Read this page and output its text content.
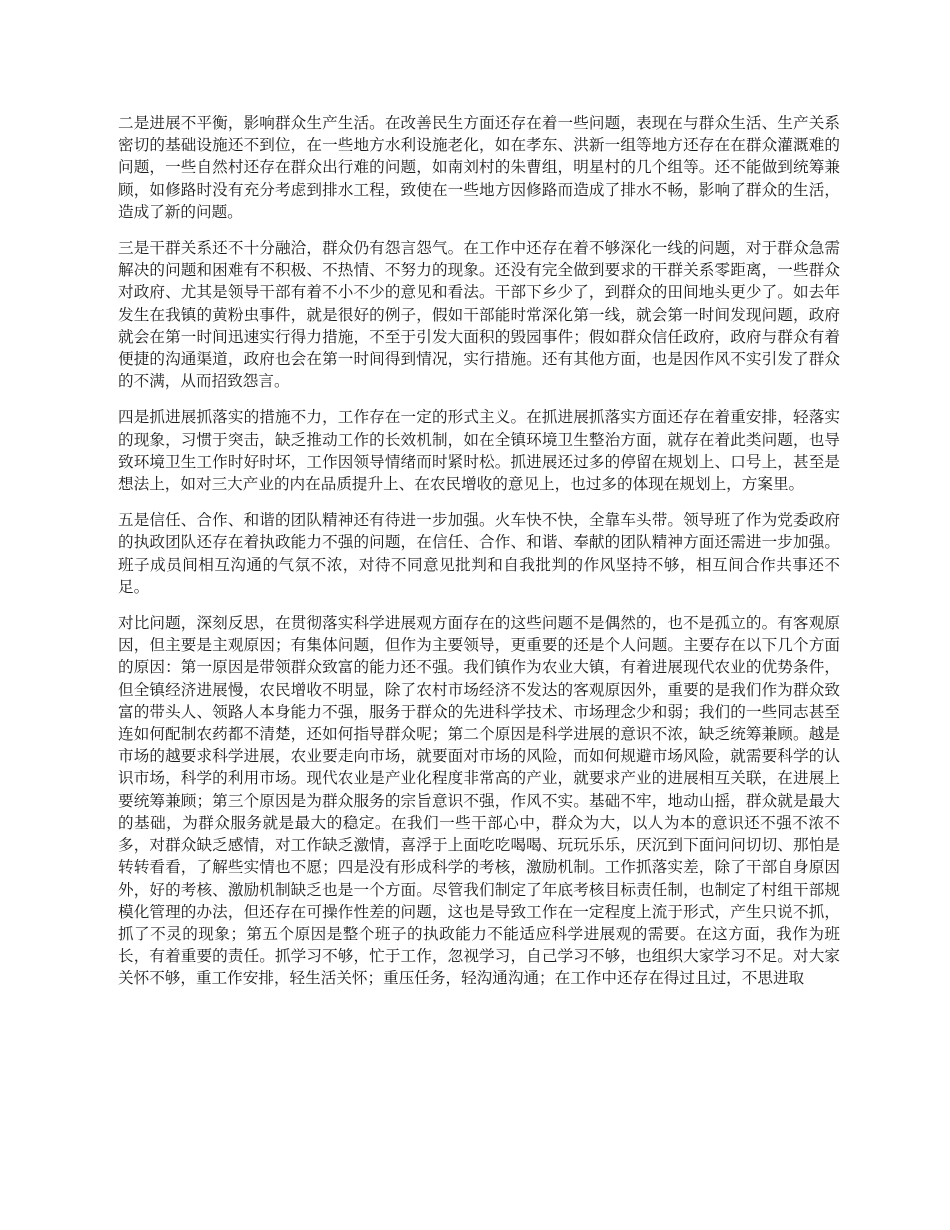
二是进展不平衡，影响群众生产生活。在改善民生方面还存在着一些问题，表现在与群众生活、生产关系密切的基础设施还不到位，在一些地方水利设施老化，如在孝东、洪新一组等地方还存在在群众灌溉难的问题，一些自然村还存在群众出行难的问题，如南刘村的朱曹组，明星村的几个组等。还不能做到统筹兼顾，如修路时没有充分考虑到排水工程，致使在一些地方因修路而造成了排水不畅，影响了群众的生活，造成了新的问题。

三是干群关系还不十分融洽，群众仍有怨言怨气。在工作中还存在着不够深化一线的问题，对于群众急需解决的问题和困难有不积极、不热情、不努力的现象。还没有完全做到要求的干群关系零距离，一些群众对政府、尤其是领导干部有着不小不少的意见和看法。干部下乡少了，到群众的田间地头更少了。如去年发生在我镇的黄粉虫事件，就是很好的例子，假如干部能时常深化第一线，就会第一时间发现问题，政府就会在第一时间迅速实行得力措施，不至于引发大面积的毁园事件；假如群众信任政府，政府与群众有着便捷的沟通渠道，政府也会在第一时间得到情况，实行措施。还有其他方面，也是因作风不实引发了群众的不满，从而招致怨言。

四是抓进展抓落实的措施不力，工作存在一定的形式主义。在抓进展抓落实方面还存在着重安排，轻落实的现象，习惯于突击，缺乏推动工作的长效机制，如在全镇环境卫生整治方面，就存在着此类问题，也导致环境卫生工作时好时坏，工作因领导情绪而时紧时松。抓进展还过多的停留在规划上、口号上，甚至是想法上，如对三大产业的内在品质提升上、在农民增收的意见上，也过多的体现在规划上，方案里。

五是信任、合作、和谐的团队精神还有待进一步加强。火车快不快，全靠车头带。领导班了作为党委政府的执政团队还存在着执政能力不强的问题，在信任、合作、和谐、奉献的团队精神方面还需进一步加强。班子成员间相互沟通的气氛不浓，对待不同意见批判和自我批判的作风坚持不够，相互间合作共事还不足。

对比问题，深刻反思，在贯彻落实科学进展观方面存在的这些问题不是偶然的，也不是孤立的。有客观原因，但主要是主观原因；有集体问题，但作为主要领导，更重要的还是个人问题。主要存在以下几个方面的原因：第一原因是带领群众致富的能力还不强。我们镇作为农业大镇，有着进展现代农业的优势条件，但全镇经济进展慢，农民增收不明显，除了农村市场经济不发达的客观原因外，重要的是我们作为群众致富的带头人、领路人本身能力不强，服务于群众的先进科学技术、市场理念少和弱；我们的一些同志甚至连如何配制农药都不清楚，还如何指导群众呢；第二个原因是科学进展的意识不浓，缺乏统筹兼顾。越是市场的越要求科学进展，农业要走向市场，就要面对市场的风险，而如何规避市场风险，就需要科学的认识市场，科学的利用市场。现代农业是产业化程度非常高的产业，就要求产业的进展相互关联，在进展上要统筹兼顾；第三个原因是为群众服务的宗旨意识不强，作风不实。基础不牢，地动山摇，群众就是最大的基础，为群众服务就是最大的稳定。在我们一些干部心中，群众为大，以人为本的意识还不强不浓不多，对群众缺乏感情，对工作缺乏激情，喜浮于上面吃吃喝喝、玩玩乐乐，厌沉到下面问问切切、那怕是转转看看，了解些实情也不愿；四是没有形成科学的考核，激励机制。工作抓落实差，除了干部自身原因外，好的考核、激励机制缺乏也是一个方面。尽管我们制定了年底考核目标责任制，也制定了村组干部规模化管理的办法，但还存在可操作性差的问题，这也是导致工作在一定程度上流于形式，产生只说不抓，抓了不灵的现象；第五个原因是整个班子的执政能力不能适应科学进展观的需要。在这方面，我作为班长，有着重要的责任。抓学习不够，忙于工作，忽视学习，自己学习不够，也组织大家学习不足。对大家关怀不够，重工作安排，轻生活关怀；重压任务，轻沟通沟通；在工作中还存在得过且过，不思进取
